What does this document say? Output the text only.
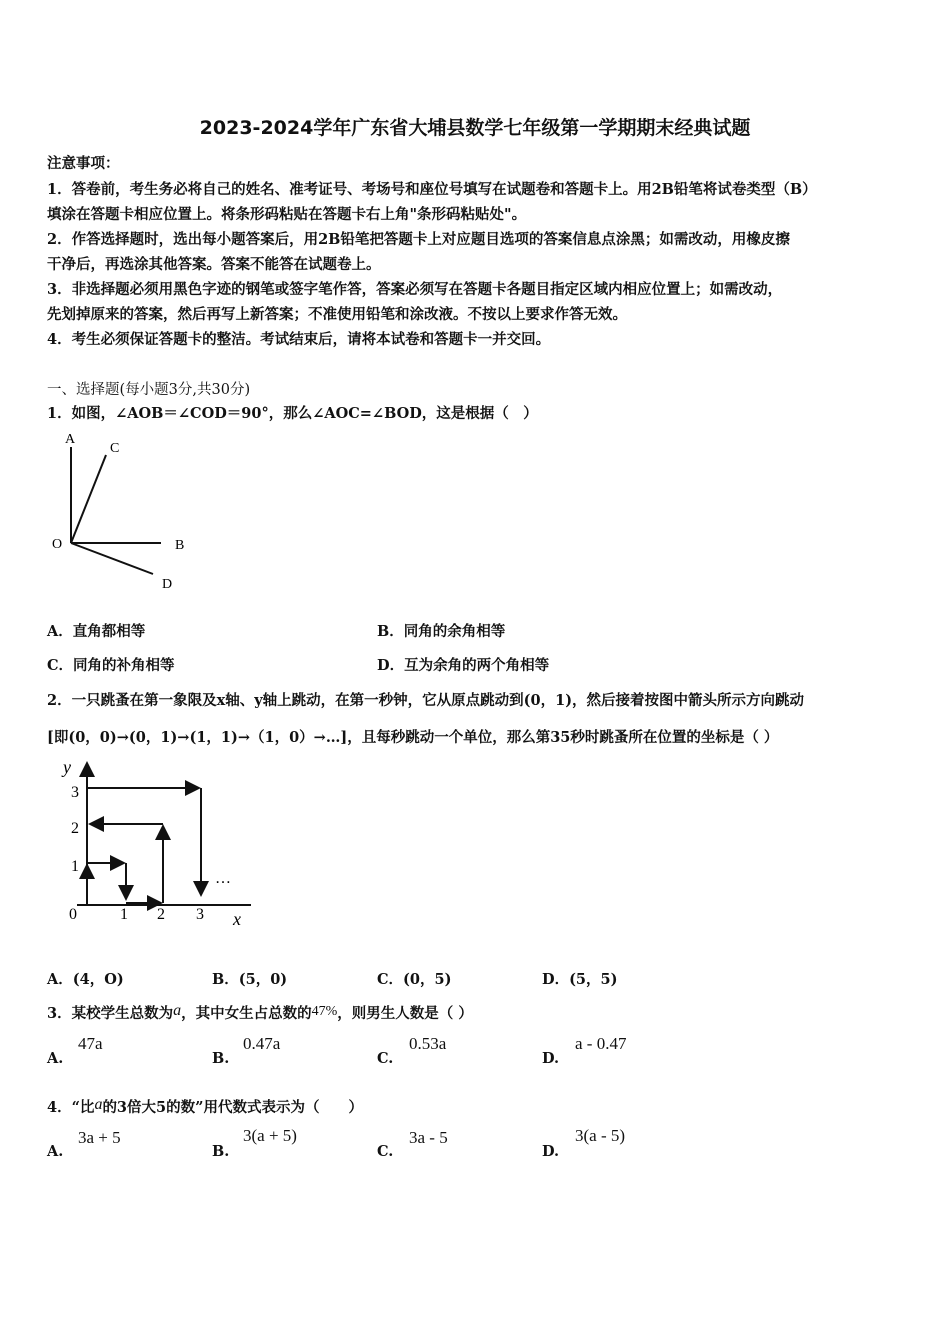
2023-2024学年广东省大埔县数学七年级第一学期期末经典试题
注意事项：
1．答卷前，考生务必将自己的姓名、准考证号、考场号和座位号填写在试题卷和答题卡上。用2B铅笔将试卷类型（B）
填涂在答题卡相应位置上。将条形码粘贴在答题卡右上角"条形码粘贴处"。
2．作答选择题时，选出每小题答案后，用2B铅笔把答题卡上对应题目选项的答案信息点涂黑；如需改动，用橡皮擦
干净后，再选涂其他答案。答案不能答在试题卷上。
3．非选择题必须用黑色字迹的钢笔或签字笔作答，答案必须写在答题卡各题目指定区域内相应位置上；如需改动，
先划掉原来的答案，然后再写上新答案；不准使用铅笔和涂改液。不按以上要求作答无效。
4．考生必须保证答题卡的整洁。考试结束后，请将本试卷和答题卡一并交回。
一、选择题(每小题3分,共30分)
1．如图，∠AOB＝∠COD＝90°，那么∠AOC=∠BOD，这是根据（　）
A
C
O	B
D
A．直角都相等	B．同角的余角相等
C．同角的补角相等	D．互为余角的两个角相等
2．一只跳蚤在第一象限及x轴、y轴上跳动，在第一秒钟，它从原点跳动到(0，1)，然后接着按图中箭头所示方向跳动
[即(0，0)→(0，1)→(1，1)→（1，0）→…]，且每秒跳动一个单位，那么第35秒时跳蚤所在位置的坐标是（ ）
y
x
0	1 2 3
1
2
3
…
A．(4，O)	B．(5，0)	C．(0，5)	D．(5，5)
3．某校学生总数为a，其中女生占总数的47%，则男生人数是（ ）
A.
47a
B.
0.47a
C.
0.53a
D.
a - 0.47
4．“比a的3倍大5的数”用代数式表示为（　　）
A.
3a + 5
B.
3(a + 5)
C.
3a - 5
D.
3(a - 5)
